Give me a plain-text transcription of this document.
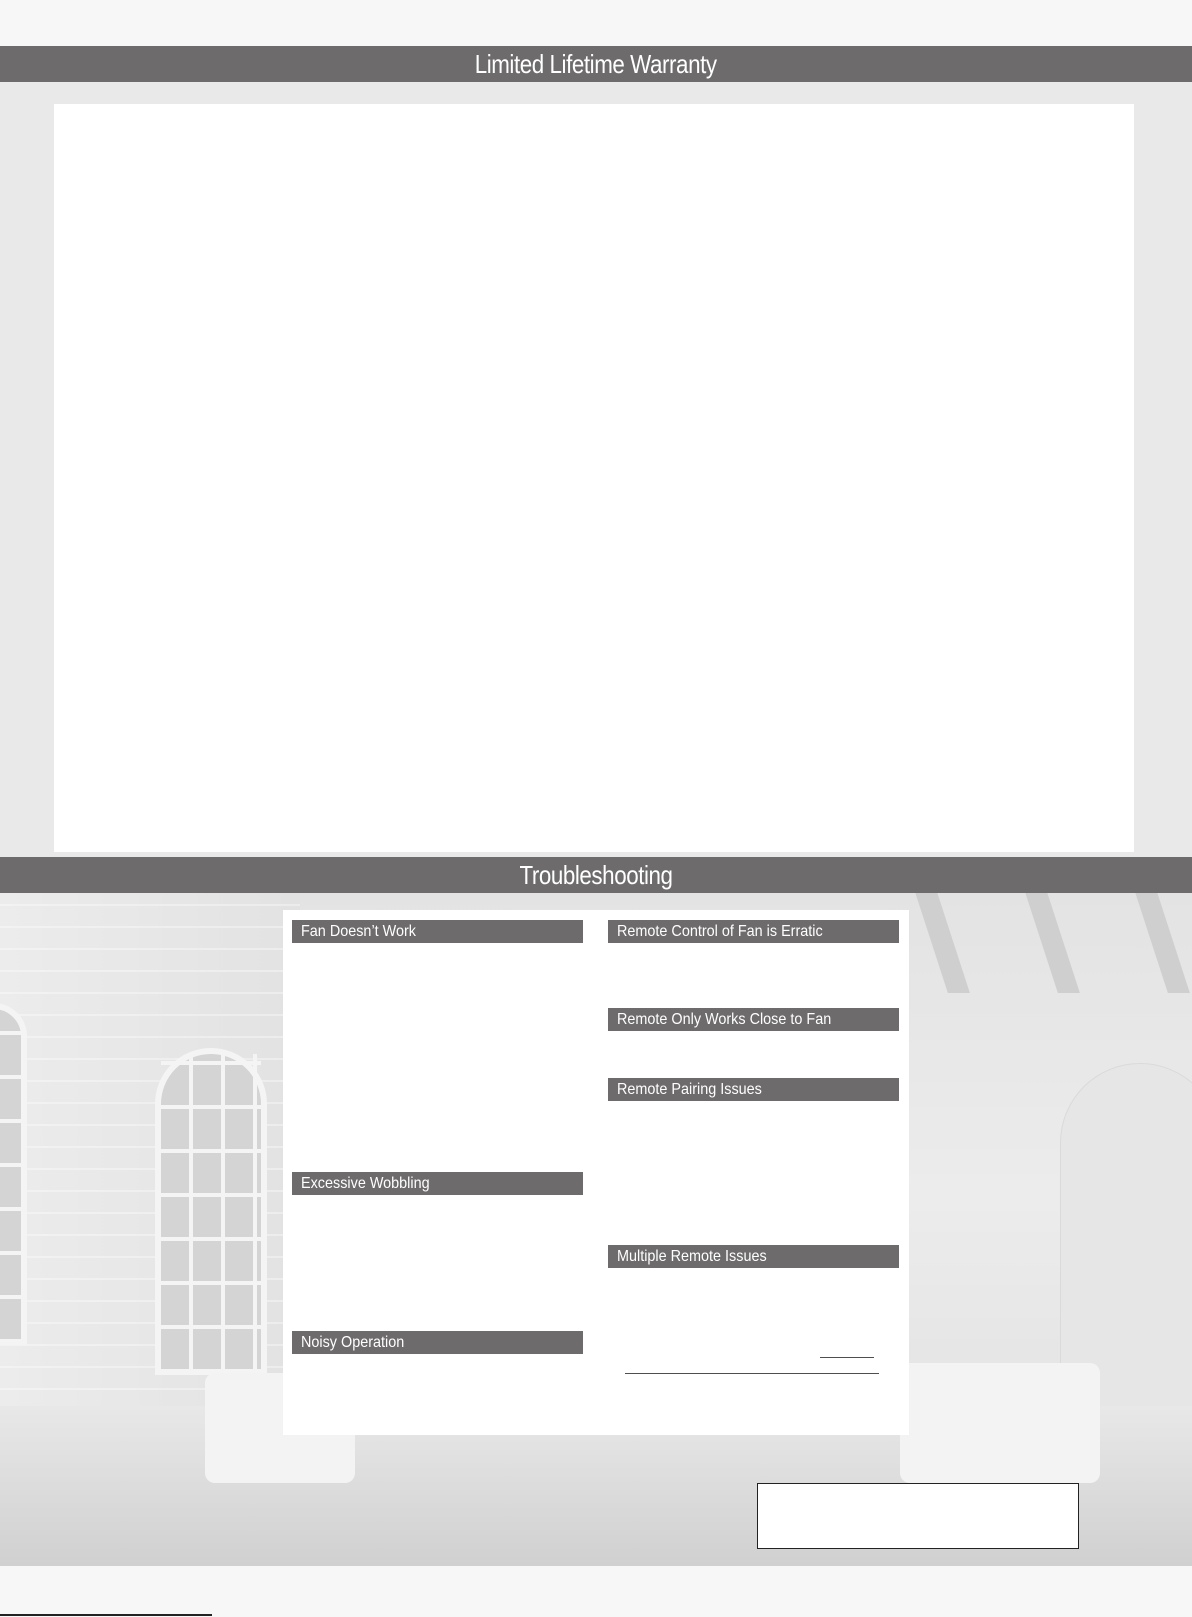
Limited Lifetime Warranty
Troubleshooting
Fan Doesn’t Work
Excessive Wobbling
Noisy Operation
Remote Control of Fan is Erratic
Remote Only Works Close to Fan
Remote Pairing Issues
Multiple Remote Issues
